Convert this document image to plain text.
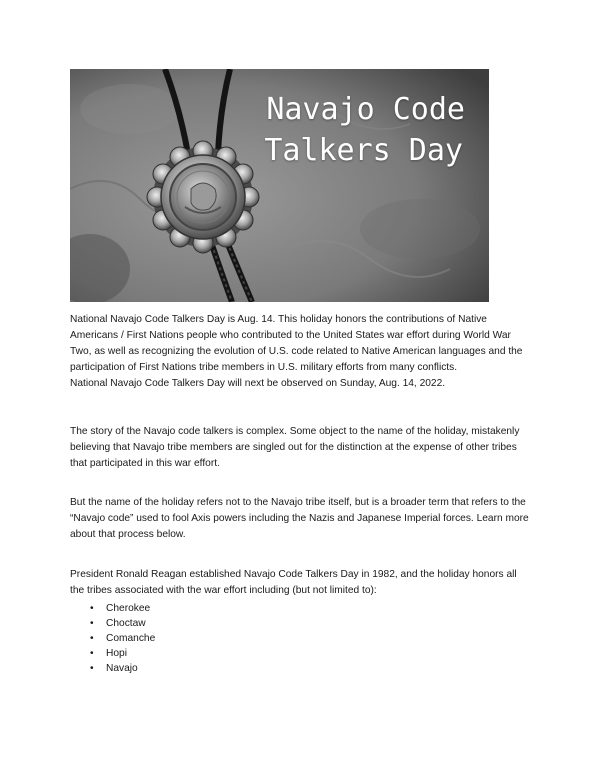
Navajo Code
Talkers Day

National Navajo Code Talkers Day is Aug. 14. This holiday honors the contributions of Native Americans / First Nations people who contributed to the United States war effort during World War Two, as well as recognizing the evolution of U.S. code related to Native American languages and the participation of First Nations tribe members in U.S. military efforts from many conflicts.

National Navajo Code Talkers Day will next be observed on Sunday, Aug. 14, 2022.

The story of the Navajo code talkers is complex. Some object to the name of the holiday, mistakenly believing that Navajo tribe members are singled out for the distinction at the expense of other tribes that participated in this war effort.

But the name of the holiday refers not to the Navajo tribe itself, but is a broader term that refers to the “Navajo code” used to fool Axis powers including the Nazis and Japanese Imperial forces. Learn more about that process below.

President Ronald Reagan established Navajo Code Talkers Day in 1982, and the holiday honors all the tribes associated with the war effort including (but not limited to):

• Cherokee
• Choctaw
• Comanche
• Hopi
• Navajo
